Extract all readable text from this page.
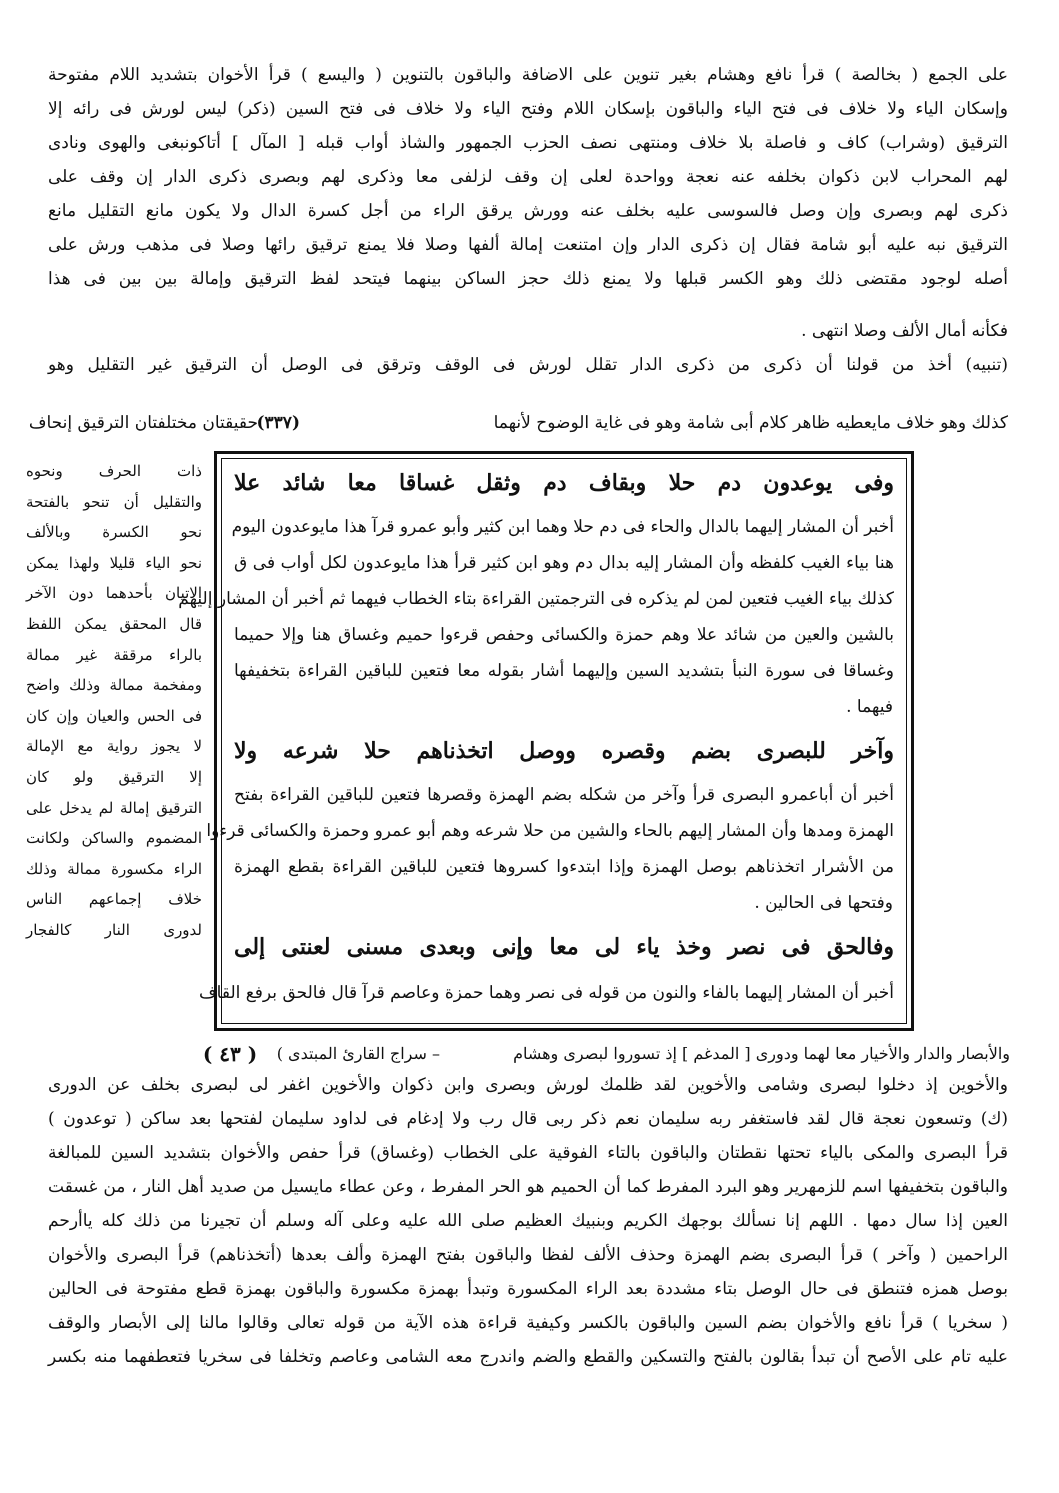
على الجمع ( بخالصة ) قرأ نافع وهشام بغير تنوين على الاضافة والباقون بالتنوين ( واليسع ) قرأ الأخوان بتشديد اللام مفتوحة
وإسكان الياء ولا خلاف فى فتح الياء والباقون بإسكان اللام وفتح الياء ولا خلاف فى فتح السين (ذكر) ليس لورش فى رائه إلا
الترقيق (وشراب) كاف و فاصلة بلا خلاف ومنتهى نصف الحزب الجمهور والشاذ أواب قبله [ المآل ] أتاكونبغى والهوى ونادى
لهم المحراب لابن ذكوان بخلفه عنه نعجة وواحدة لعلى إن وقف لزلفى معا وذكرى لهم وبصرى ذكرى الدار إن وقف على
ذكرى لهم وبصرى وإن وصل فالسوسى عليه بخلف عنه وورش يرقق الراء من أجل كسرة الدال ولا يكون مانع التقليل مانع
الترقيق نبه عليه أبو شامة فقال إن ذكرى الدار وإن امتنعت إمالة ألفها وصلا فلا يمنع ترقيق رائها وصلا فى مذهب ورش على
أصله لوجود مقتضى ذلك وهو الكسر قبلها ولا يمنع ذلك حجز الساكن بينهما فيتحد لفظ الترقيق وإمالة بين بين فى هذا
فكأنه أمال الألف وصلا انتهى .
(تنبيه) أخذ من قولنا أن ذكرى من ذكرى الدار تقلل لورش فى الوقف وترقق فى الوصل أن الترقيق غير التقليل وهو
كذلك وهو خلاف مايعطيه ظاهر كلام أبى شامة وهو فى غاية الوضوح لأنهما
(٣٣٧)
حقيقتان مختلفتان الترقيق إنحاف
ذات الحرف ونحوه
والتقليل أن تنحو بالفتحة
نحو الكسرة وبالألف
نحو الياء قليلا ولهذا يمكن
الاتيان بأحدهما دون الآخر
قال المحقق يمكن اللفظ
بالراء مرققة غير ممالة
ومفخمة ممالة وذلك واضح
فى الحس والعيان وإن كان
لا يجوز رواية مع الإمالة
إلا الترقيق ولو كان
الترقيق إمالة لم يدخل على
المضموم والساكن ولكانت
الراء مكسورة ممالة وذلك
خلاف إجماعهم الناس
لدورى النار كالفجار
وفى يوعدون دم حلا وبقاف دم وثقل غساقا معا شائد علا
أخبر أن المشار إليهما بالدال والحاء فى دم حلا وهما ابن كثير وأبو عمرو قرآ هذا مايوعدون اليوم
هنا بياء الغيب كلفظه وأن المشار إليه بدال دم وهو ابن كثير قرأ هذا مايوعدون لكل أواب فى ق
كذلك بياء الغيب فتعين لمن لم يذكره فى الترجمتين القراءة بتاء الخطاب فيهما ثم أخبر أن المشار إليهم
بالشين والعين من شائد علا وهم حمزة والكسائى وحفص قرءوا حميم وغساق هنا وإلا حميما
وغساقا فى سورة النبأ بتشديد السين وإليهما أشار بقوله معا فتعين للباقين القراءة بتخفيفها
فيهما .
وآخر للبصرى بضم وقصره ووصل اتخذناهم حلا شرعه ولا
أخبر أن أباعمرو البصرى قرأ وآخر من شكله بضم الهمزة وقصرها فتعين للباقين القراءة بفتح
الهمزة ومدها وأن المشار إليهم بالحاء والشين من حلا شرعه وهم أبو عمرو وحمزة والكسائى قرءوا
من الأشرار اتخذناهم بوصل الهمزة وإذا ابتدءوا كسروها فتعين للباقين القراءة بقطع الهمزة
وفتحها فى الحالين .
وفالحق فى نصر وخذ ياء لى معا وإنى وبعدى مسنى لعنتى إلى
أخبر أن المشار إليهما بالفاء والنون من قوله فى نصر وهما حمزة وعاصم قرآ قال فالحق برفع القاف
والأبصار والدار والأخيار معا لهما ودورى [ المدغم ] إذ تسوروا لبصرى وهشام
– سراج القارئ المبتدى )
( ٤٣ )
والأخوين إذ دخلوا لبصرى وشامى والأخوين لقد ظلمك لورش وبصرى وابن ذكوان والأخوين اغفر لى لبصرى بخلف عن الدورى
(ك) وتسعون نعجة قال لقد فاستغفر ربه سليمان نعم ذكر ربى قال رب ولا إدغام فى لداود سليمان لفتحها بعد ساكن ( توعدون )
قرأ البصرى والمكى بالياء تحتها نقطتان والباقون بالتاء الفوقية على الخطاب (وغساق) قرأ حفص والأخوان بتشديد السين للمبالغة
والباقون بتخفيفها اسم للزمهرير وهو البرد المفرط كما أن الحميم هو الحر المفرط ، وعن عطاء مايسيل من صديد أهل النار ، من غسقت
العين إذا سال دمها . اللهم إنا نسألك بوجهك الكريم وبنبيك العظيم صلى الله عليه وعلى آله وسلم أن تجيرنا من ذلك كله ياأرحم
الراحمين ( وآخر ) قرأ البصرى بضم الهمزة وحذف الألف لفظا والباقون بفتح الهمزة وألف بعدها (أتخذناهم) قرأ البصرى والأخوان
بوصل همزه فتنطق فى حال الوصل بتاء مشددة بعد الراء المكسورة وتبدأ بهمزة مكسورة والباقون بهمزة قطع مفتوحة فى الحالين
( سخريا ) قرأ نافع والأخوان بضم السين والباقون بالكسر وكيفية قراءة هذه الآية من قوله تعالى وقالوا مالنا إلى الأبصار والوقف
عليه تام على الأصح أن تبدأ بقالون بالفتح والتسكين والقطع والضم واندرج معه الشامى وعاصم وتخلفا فى سخريا فتعطفهما منه بكسر
